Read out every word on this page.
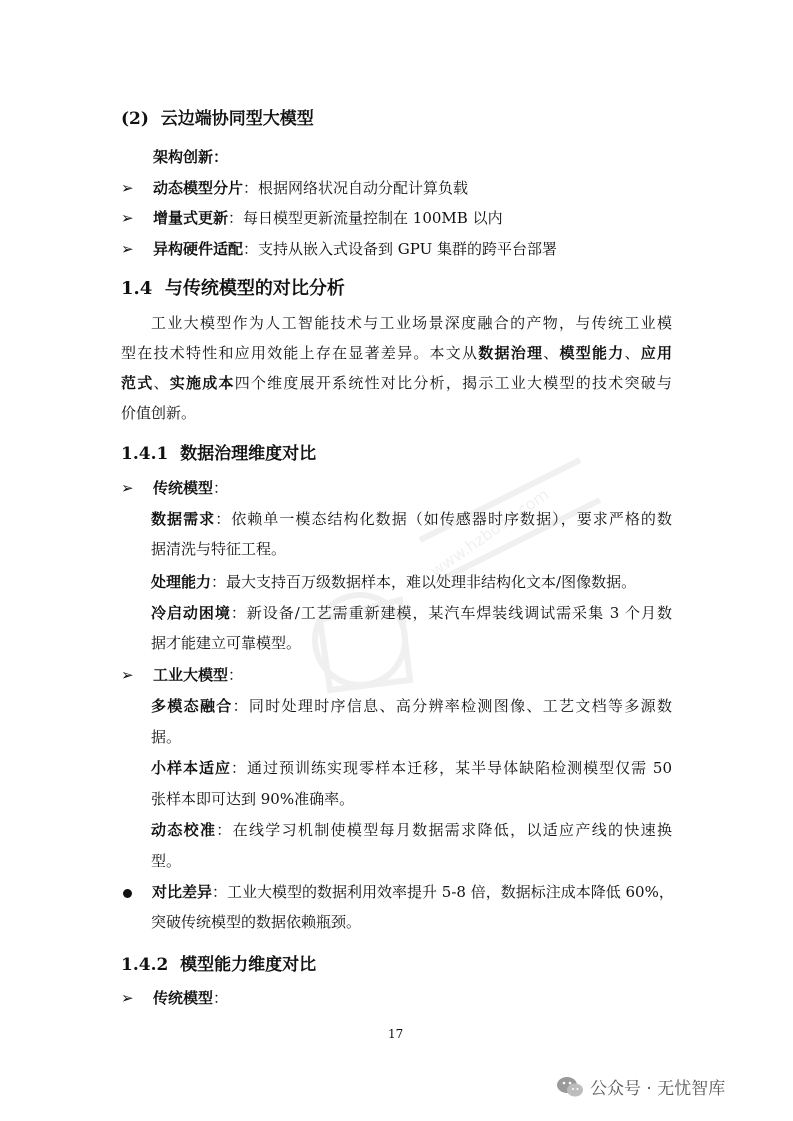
(2) 云边端协同型大模型
架构创新：
➢ 动态模型分片：根据网络状况自动分配计算负载
➢ 增量式更新：每日模型更新流量控制在 100MB 以内
➢ 异构硬件适配：支持从嵌入式设备到 GPU 集群的跨平台部署
1.4 与传统模型的对比分析
工业大模型作为人工智能技术与工业场景深度融合的产物，与传统工业模
型在技术特性和应用效能上存在显著差异。本文从数据治理、模型能力、应用
范式、实施成本四个维度展开系统性对比分析，揭示工业大模型的技术突破与
价值创新。
1.4.1 数据治理维度对比
➢ 传统模型：
数据需求：依赖单一模态结构化数据（如传感器时序数据），要求严格的数
据清洗与特征工程。
处理能力：最大支持百万级数据样本，难以处理非结构化文本/图像数据。
冷启动困境：新设备/工艺需重新建模，某汽车焊装线调试需采集 3 个月数
据才能建立可靠模型。
➢ 工业大模型：
多模态融合：同时处理时序信息、高分辨率检测图像、工艺文档等多源数
据。
小样本适应：通过预训练实现零样本迁移，某半导体缺陷检测模型仅需 50
张样本即可达到 90%准确率。
动态校准：在线学习机制使模型每月数据需求降低，以适应产线的快速换
型。
对比差异：工业大模型的数据利用效率提升 5-8 倍，数据标注成本降低 60%，
突破传统模型的数据依赖瓶颈。
1.4.2 模型能力维度对比
➢ 传统模型：
17
www.hzbooo.com
公众号 · 无忧智库
